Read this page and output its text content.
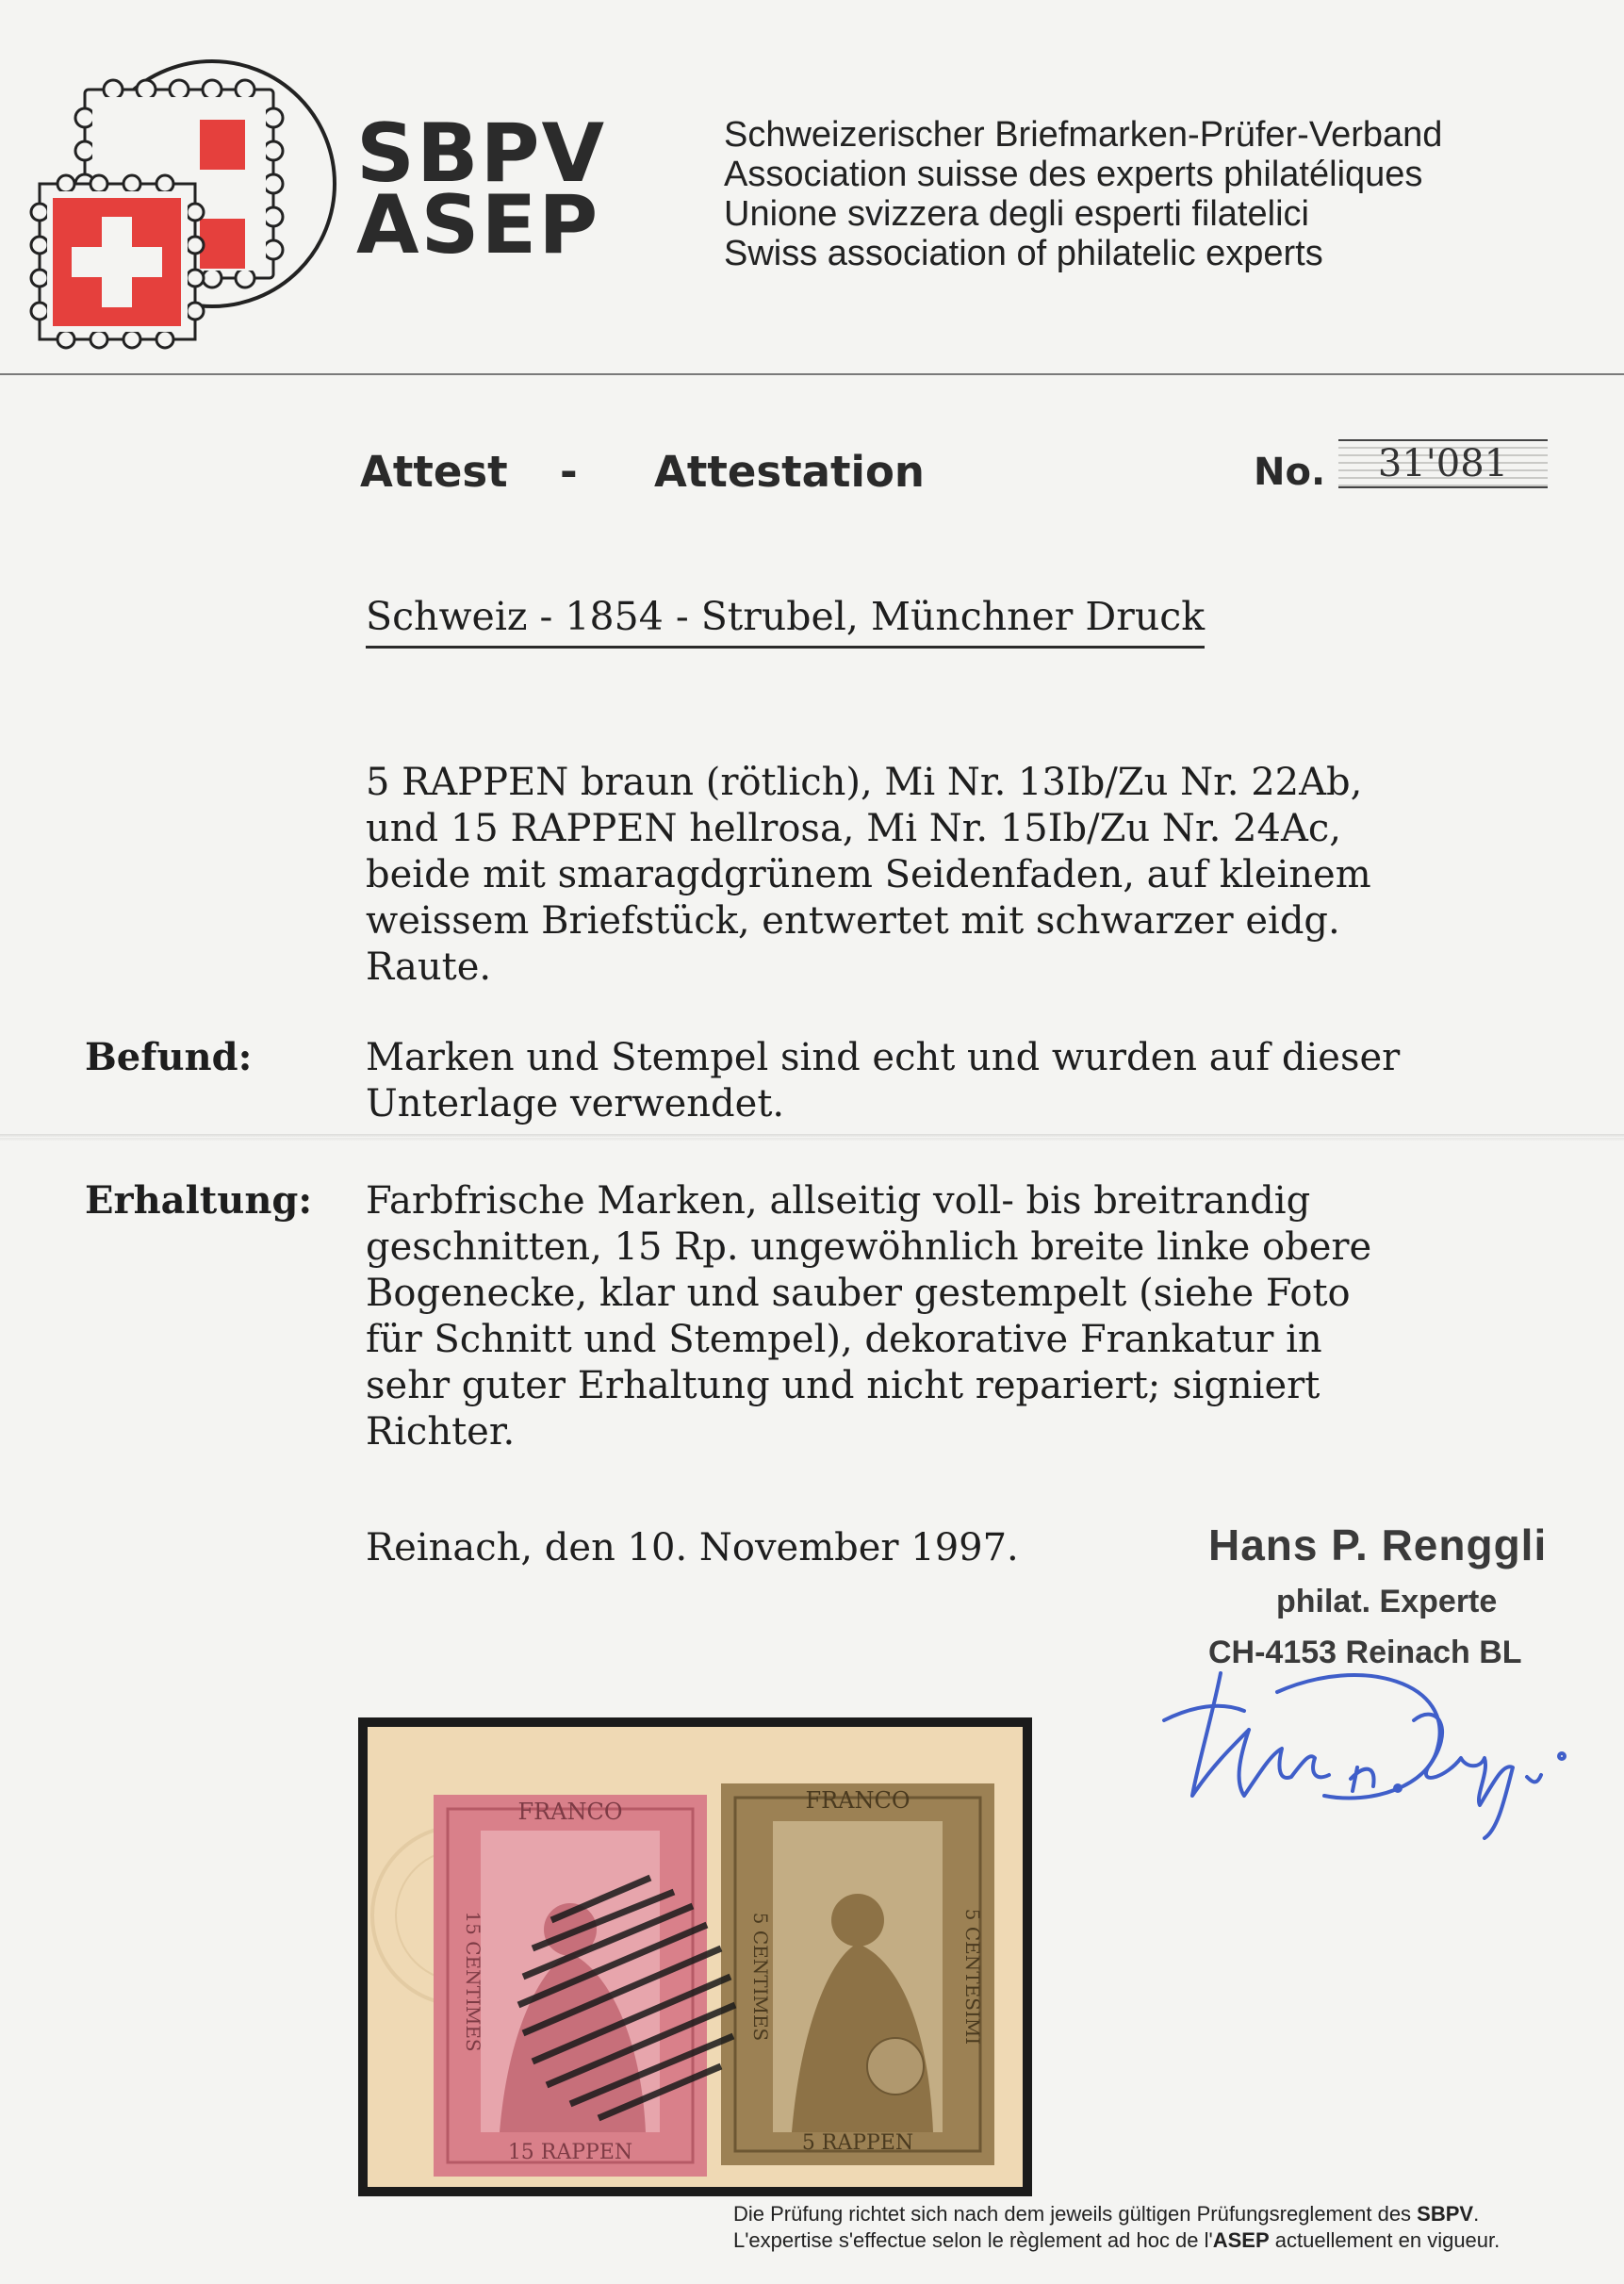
SBPV
ASEP
Schweizerischer Briefmarken-Prüfer-Verband
Association suisse des experts philatéliques
Unione svizzera degli esperti filatelici
Swiss association of philatelic experts
Attest - Attestation	No.	31'081
Schweiz - 1854 - Strubel, Münchner Druck
5 RAPPEN braun (rötlich), Mi Nr. 13Ib/Zu Nr. 22Ab,
und 15 RAPPEN hellrosa, Mi Nr. 15Ib/Zu Nr. 24Ac,
beide mit smaragdgrünem Seidenfaden, auf kleinem
weissem Briefstück, entwertet mit schwarzer eidg.
Raute.
Befund:	Marken und Stempel sind echt und wurden auf dieser
Unterlage verwendet.
Erhaltung: Farbfrische Marken, allseitig voll- bis breitrandig
geschnitten, 15 Rp. ungewöhnlich breite linke obere
Bogenecke, klar und sauber gestempelt (siehe Foto
für Schnitt und Stempel), dekorative Frankatur in
sehr guter Erhaltung und nicht repariert; signiert
Richter.
Reinach, den 10. November 1997.	Hans P. Renggli
philat. Experte
CH-4153 Reinach BL
FRANCO
15 RAPPEN
15 CENTIMES
FRANCO
5 RAPPEN
5 CENTIMES	5 CENTESIMI
Die Prüfung richtet sich nach dem jeweils gültigen Prüfungsreglement des SBPV.
L'expertise s'effectue selon le règlement ad hoc de l'ASEP actuellement en vigueur.
